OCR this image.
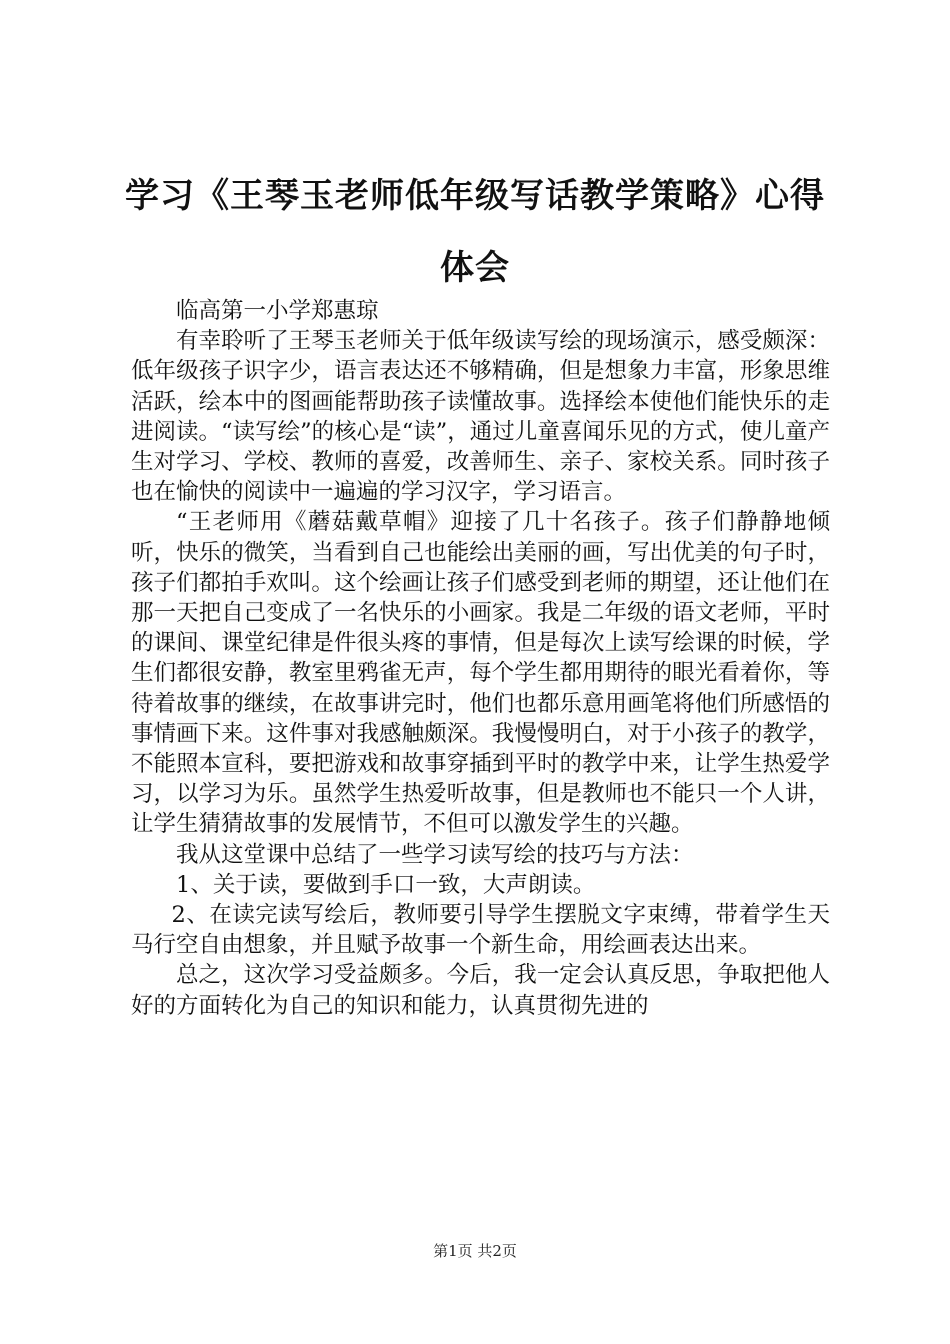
学习《王琴玉老师低年级写话教学策略》心得体会

临高第一小学郑惠琼

有幸聆听了王琴玉老师关于低年级读写绘的现场演示，感受颇深：低年级孩子识字少，语言表达还不够精确，但是想象力丰富，形象思维活跃，绘本中的图画能帮助孩子读懂故事。选择绘本使他们能快乐的走进阅读。“读写绘”的核心是“读”，通过儿童喜闻乐见的方式，使儿童产生对学习、学校、教师的喜爱，改善师生、亲子、家校关系。同时孩子也在愉快的阅读中一遍遍的学习汉字，学习语言。

“王老师用《蘑菇戴草帽》迎接了几十名孩子。孩子们静静地倾听，快乐的微笑，当看到自己也能绘出美丽的画，写出优美的句子时，孩子们都拍手欢叫。这个绘画让孩子们感受到老师的期望，还让他们在那一天把自己变成了一名快乐的小画家。我是二年级的语文老师，平时的课间、课堂纪律是件很头疼的事情，但是每次上读写绘课的时候，学生们都很安静，教室里鸦雀无声，每个学生都用期待的眼光看着你，等待着故事的继续，在故事讲完时，他们也都乐意用画笔将他们所感悟的事情画下来。这件事对我感触颇深。我慢慢明白，对于小孩子的教学，不能照本宣科，要把游戏和故事穿插到平时的教学中来，让学生热爱学习，以学习为乐。虽然学生热爱听故事，但是教师也不能只一个人讲，让学生猜猜故事的发展情节，不但可以激发学生的兴趣。

我从这堂课中总结了一些学习读写绘的技巧与方法：

1、关于读，要做到手口一致，大声朗读。

2、在读完读写绘后，教师要引导学生摆脱文字束缚，带着学生天马行空自由想象，并且赋予故事一个新生命，用绘画表达出来。

总之，这次学习受益颇多。今后，我一定会认真反思，争取把他人好的方面转化为自己的知识和能力，认真贯彻先进的

第1页 共2页
